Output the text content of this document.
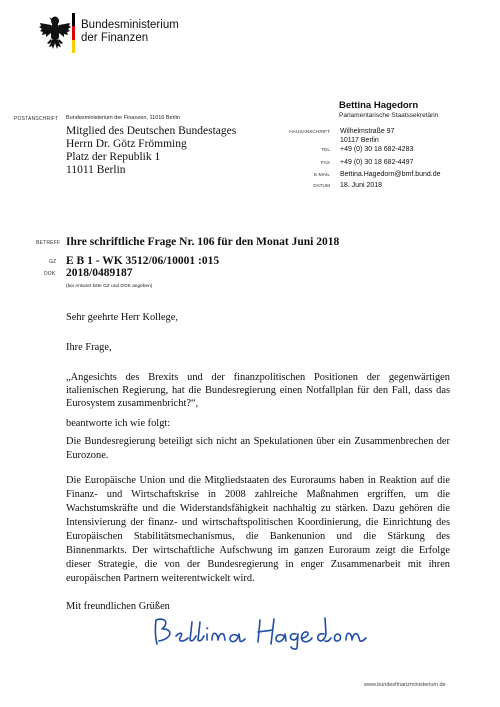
Bundesministerium
der Finanzen
POSTANSCHRIFT Bundesministerium der Finanzen, 11016 Berlin
Mitglied des Deutschen Bundestages
Herrn Dr. Götz Frömming
Platz der Republik 1
11011 Berlin
Bettina Hagedorn
Parlamentarische Staatssekretärin
HAUSANSCHRIFT Wilhelmstraße 97
10117 Berlin
TEL +49 (0) 30 18 682-4283
FAX +49 (0) 30 18 682-4497
E-MAIL Bettina.Hagedorn@bmf.bund.de
DATUM 18. Juni 2018
BETREFF Ihre schriftliche Frage Nr. 106 für den Monat Juni 2018
GZ E B 1 - WK 3512/06/10001 :015
DOK 2018/0489187
(bei Antwort bitte GZ und DOK angeben)
Sehr geehrte Herr Kollege,
Ihre Frage,
„Angesichts des Brexits und der finanzpolitischen Positionen der gegenwärtigen italienischen Regierung, hat die Bundesregierung einen Notfallplan für den Fall, dass das Eurosystem zusammenbricht?“,
beantworte ich wie folgt:
Die Bundesregierung beteiligt sich nicht an Spekulationen über ein Zusammenbrechen der Eurozone.
Die Europäische Union und die Mitgliedstaaten des Euroraums haben in Reaktion auf die Finanz- und Wirtschaftskrise in 2008 zahlreiche Maßnahmen ergriffen, um die Wachstumskräfte und die Widerstandsfähigkeit nachhaltig zu stärken. Dazu gehören die Intensivierung der finanz- und wirtschaftspolitischen Koordinierung, die Einrichtung des Europäischen Stabilitätsmechanismus, die Bankenunion und die Stärkung des Binnenmarkts. Der wirtschaftliche Aufschwung im ganzen Euroraum zeigt die Erfolge dieser Strategie, die von der Bundesregierung in enger Zusammenarbeit mit ihren europäischen Partnern weiterentwickelt wird.
Mit freundlichen Grüßen
www.bundesfinanzministerium.de
